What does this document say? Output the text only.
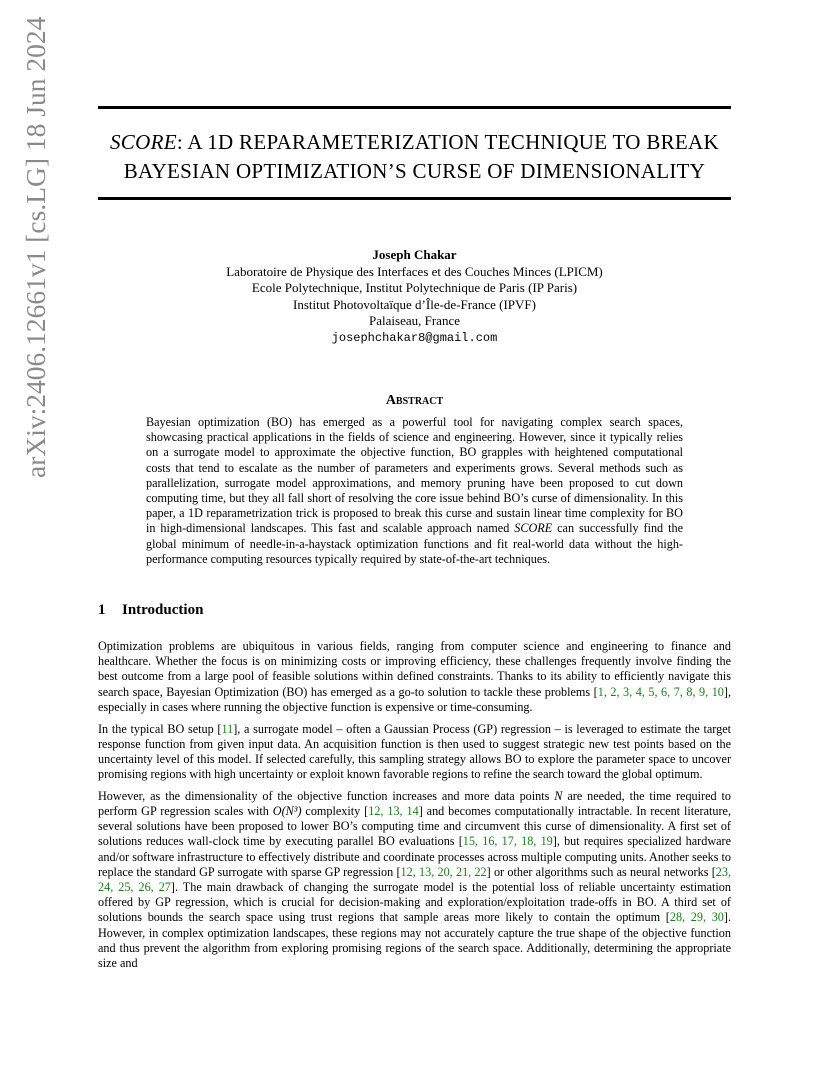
arXiv:2406.12661v1 [cs.LG] 18 Jun 2024	SCORE: A 1D REPARAMETERIZATION TECHNIQUE TO BREAK
BAYESIAN OPTIMIZATION’S CURSE OF DIMENSIONALITY
Joseph Chakar
Laboratoire de Physique des Interfaces et des Couches Minces (LPICM)
Ecole Polytechnique, Institut Polytechnique de Paris (IP Paris)
Institut Photovoltaïque d’Île-de-France (IPVF)
Palaiseau, France
josephchakar8@gmail.com
Abstract
Bayesian optimization (BO) has emerged as a powerful tool for navigating complex search spaces, showcasing practical applications in the fields of science and engineering. However, since it typically relies on a surrogate model to approximate the objective function, BO grapples with heightened computational costs that tend to escalate as the number of parameters and experiments grows. Several methods such as parallelization, surrogate model approximations, and memory pruning have been proposed to cut down computing time, but they all fall short of resolving the core issue behind BO’s curse of dimensionality. In this paper, a 1D reparametrization trick is proposed to break this curse and sustain linear time complexity for BO in high-dimensional landscapes. This fast and scalable approach named SCORE can successfully find the global minimum of needle-in-a-haystack optimization functions and fit real-world data without the high-performance computing resources typically required by state-of-the-art techniques.
1 Introduction

Optimization problems are ubiquitous in various fields, ranging from computer science and engineering to finance and healthcare. Whether the focus is on minimizing costs or improving efficiency, these challenges frequently involve finding the best outcome from a large pool of feasible solutions within defined constraints. Thanks to its ability to efficiently navigate this search space, Bayesian Optimization (BO) has emerged as a go-to solution to tackle these problems [1, 2, 3, 4, 5, 6, 7, 8, 9, 10], especially in cases where running the objective function is expensive or time-consuming.

In the typical BO setup [11], a surrogate model – often a Gaussian Process (GP) regression – is leveraged to estimate the target response function from given input data. An acquisition function is then used to suggest strategic new test points based on the uncertainty level of this model. If selected carefully, this sampling strategy allows BO to explore the parameter space to uncover promising regions with high uncertainty or exploit known favorable regions to refine the search toward the global optimum.

However, as the dimensionality of the objective function increases and more data points N are needed, the time required to perform GP regression scales with O(N³) complexity [12, 13, 14] and becomes computationally intractable. In recent literature, several solutions have been proposed to lower BO’s computing time and circumvent this curse of dimensionality. A first set of solutions reduces wall-clock time by executing parallel BO evaluations [15, 16, 17, 18, 19], but requires specialized hardware and/or software infrastructure to effectively distribute and coordinate processes across multiple computing units. Another seeks to replace the standard GP surrogate with sparse GP regression [12, 13, 20, 21, 22] or other algorithms such as neural networks [23, 24, 25, 26, 27]. The main drawback of changing the surrogate model is the potential loss of reliable uncertainty estimation offered by GP regression, which is crucial for decision-making and exploration/exploitation trade-offs in BO. A third set of solutions bounds the search space using trust regions that sample areas more likely to contain the optimum [28, 29, 30]. However, in complex optimization landscapes, these regions may not accurately capture the true shape of the objective function and thus prevent the algorithm from exploring promising regions of the search space. Additionally, determining the appropriate size and
